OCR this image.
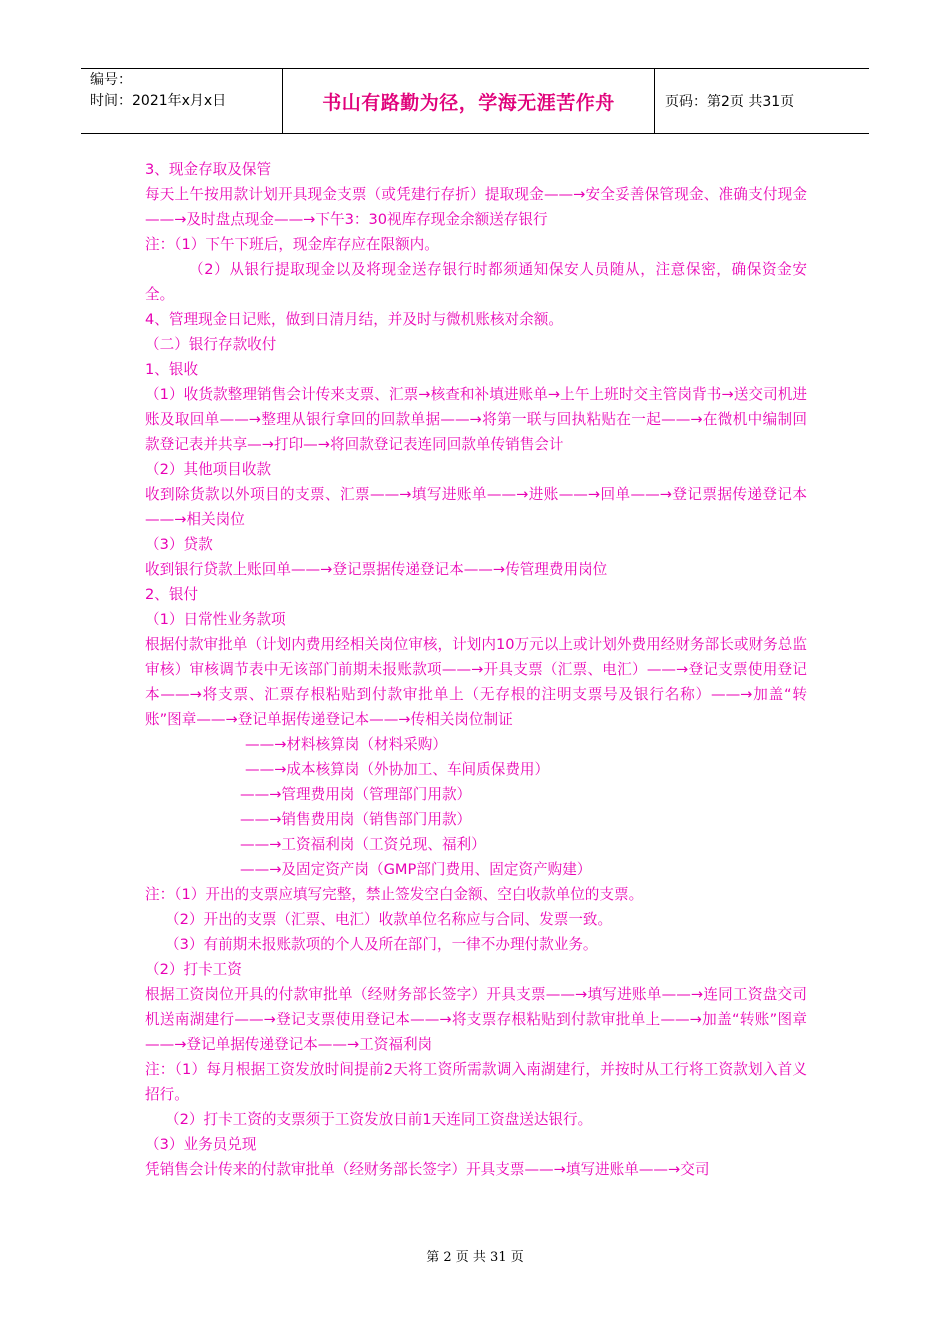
编号：
时间：2021年x月x日	书山有路勤为径，学海无涯苦作舟	页码：第2页 共31页

3、现金存取及保管

每天上午按用款计划开具现金支票（或凭建行存折）提取现金——→安全妥善保管现金、准确支付现金——→及时盘点现金——→下午3：30视库存现金余额送存银行

注：（1）下午下班后，现金库存应在限额内。

（2）从银行提取现金以及将现金送存银行时都须通知保安人员随从，注意保密，确保资金安全。

4、管理现金日记账，做到日清月结，并及时与微机账核对余额。

（二）银行存款收付

1、银收

（1）收货款整理销售会计传来支票、汇票→核查和补填进账单→上午上班时交主管岗背书→送交司机进账及取回单——→整理从银行拿回的回款单据——→将第一联与回执粘贴在一起——→在微机中编制回款登记表并共享—→打印—→将回款登记表连同回款单传销售会计

（2）其他项目收款

收到除货款以外项目的支票、汇票——→填写进账单——→进账——→回单——→登记票据传递登记本——→相关岗位

（3）贷款

收到银行贷款上账回单——→登记票据传递登记本——→传管理费用岗位

2、银付

（1）日常性业务款项

根据付款审批单（计划内费用经相关岗位审核，计划内10万元以上或计划外费用经财务部长或财务总监审核）审核调节表中无该部门前期未报账款项——→开具支票（汇票、电汇）——→登记支票使用登记本——→将支票、汇票存根粘贴到付款审批单上（无存根的注明支票号及银行名称）——→加盖“转账”图章——→登记单据传递登记本——→传相关岗位制证

——→材料核算岗（材料采购）

——→成本核算岗（外协加工、车间质保费用）

——→管理费用岗（管理部门用款）

——→销售费用岗（销售部门用款）

——→工资福利岗（工资兑现、福利）

——→及固定资产岗（GMP部门费用、固定资产购建）

注：（1）开出的支票应填写完整，禁止签发空白金额、空白收款单位的支票。

（2）开出的支票（汇票、电汇）收款单位名称应与合同、发票一致。

（3）有前期未报账款项的个人及所在部门，一律不办理付款业务。

（2）打卡工资

根据工资岗位开具的付款审批单（经财务部长签字）开具支票——→填写进账单——→连同工资盘交司机送南湖建行——→登记支票使用登记本——→将支票存根粘贴到付款审批单上——→加盖“转账”图章——→登记单据传递登记本——→工资福利岗

注：（1）每月根据工资发放时间提前2天将工资所需款调入南湖建行，并按时从工行将工资款划入首义招行。

（2）打卡工资的支票须于工资发放日前1天连同工资盘送达银行。

（3）业务员兑现

凭销售会计传来的付款审批单（经财务部长签字）开具支票——→填写进账单——→交司

第 2 页 共 31 页
